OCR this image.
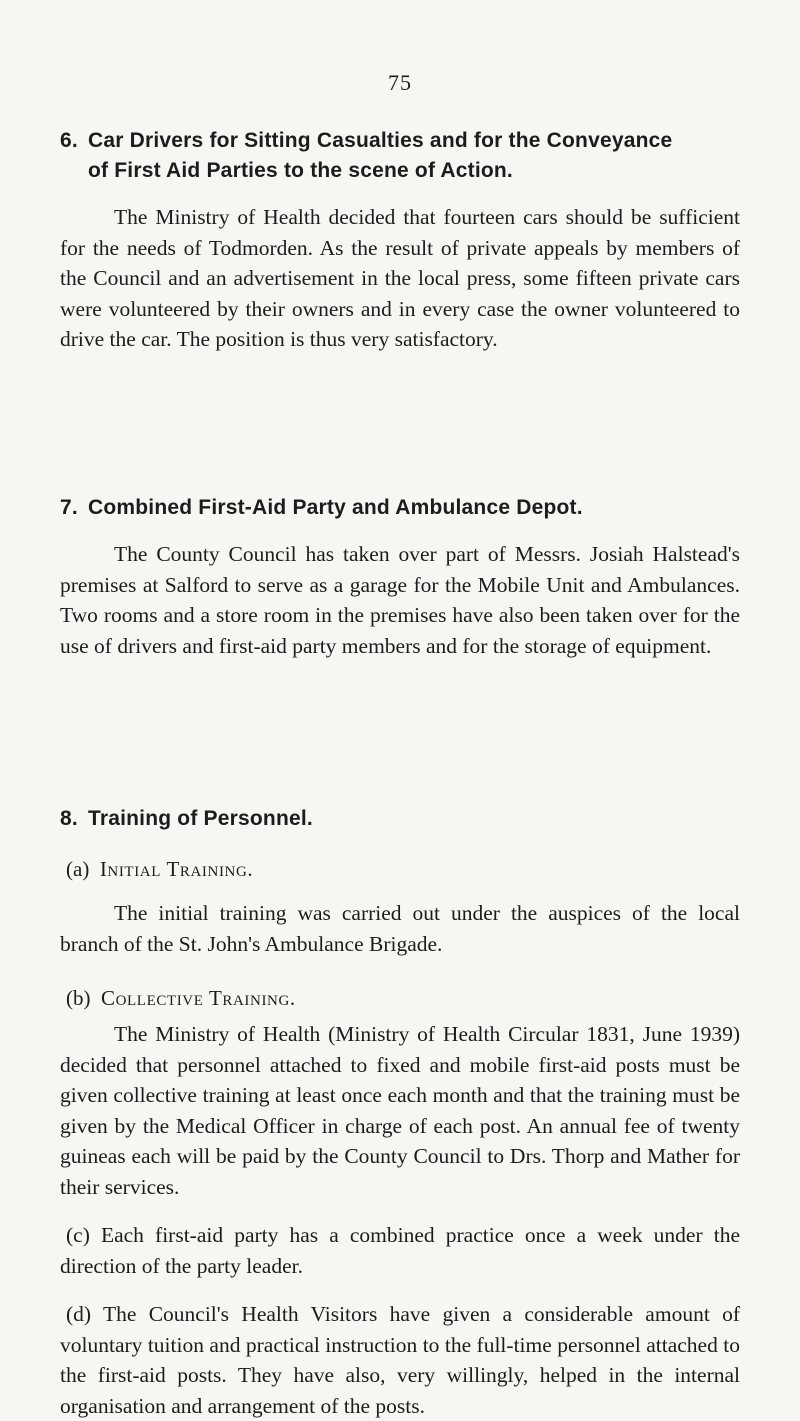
75
6. Car Drivers for Sitting Casualties and for the Conveyance
of First Aid Parties to the scene of Action.

The Ministry of Health decided that fourteen cars should be sufficient for the needs of Todmorden. As the result of private appeals by members of the Council and an advertisement in the local press, some fifteen private cars were volunteered by their owners and in every case the owner volunteered to drive the car. The position is thus very satisfactory.

7. Combined First-Aid Party and Ambulance Depot.

The County Council has taken over part of Messrs. Josiah Halstead's premises at Salford to serve as a garage for the Mobile Unit and Ambulances. Two rooms and a store room in the premises have also been taken over for the use of drivers and first-aid party members and for the storage of equipment.

8. Training of Personnel.
(a) Initial Training.

The initial training was carried out under the auspices of the local branch of the St. John's Ambulance Brigade.

(b) Collective Training.

The Ministry of Health (Ministry of Health Circular 1831, June 1939) decided that personnel attached to fixed and mobile first-aid posts must be given collective training at least once each month and that the training must be given by the Medical Officer in charge of each post. An annual fee of twenty guineas each will be paid by the County Council to Drs. Thorp and Mather for their services.

(c) Each first-aid party has a combined practice once a week under the direction of the party leader.

(d) The Council's Health Visitors have given a considerable amount of voluntary tuition and practical instruction to the full-time personnel attached to the first-aid posts. They have also, very willingly, helped in the internal organisation and arrangement of the posts.
